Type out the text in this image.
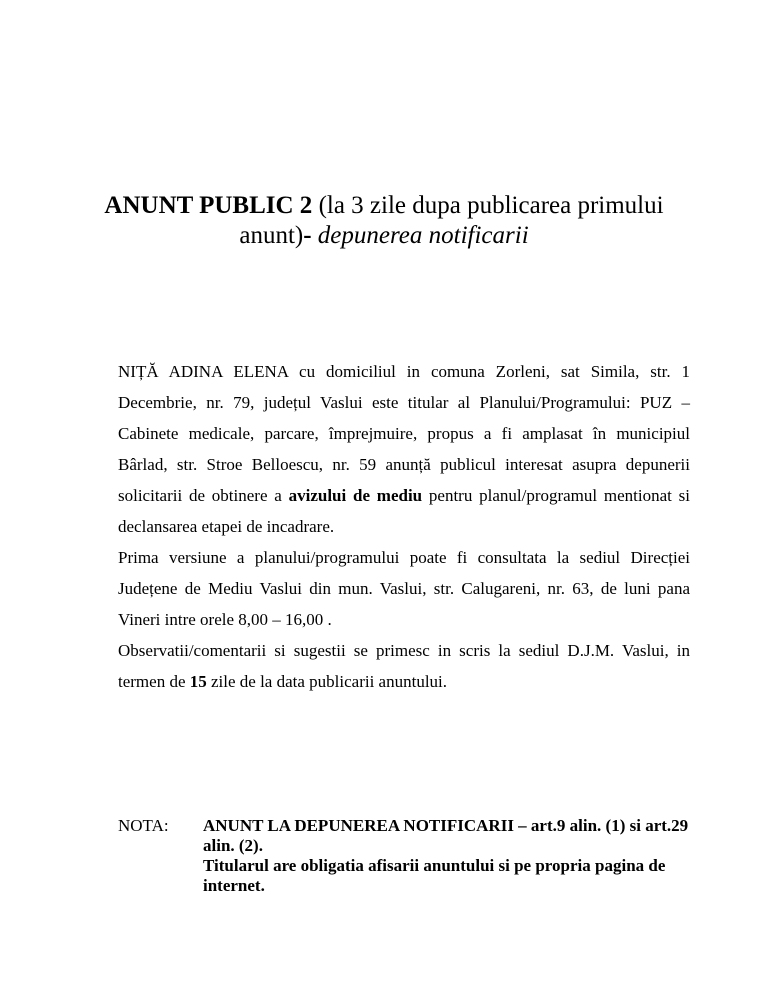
ANUNT PUBLIC 2 (la 3 zile dupa publicarea primului anunt)- depunerea notificarii

NIȚĂ ADINA ELENA cu domiciliul in comuna Zorleni, sat Simila, str. 1 Decembrie, nr. 79, județul Vaslui este titular al Planului/Programului: PUZ – Cabinete medicale, parcare, împrejmuire, propus a fi amplasat în municipiul Bârlad, str. Stroe Belloescu, nr. 59 anunță publicul interesat asupra depunerii solicitarii de obtinere a avizului de mediu pentru planul/programul mentionat si declansarea etapei de incadrare.

Prima versiune a planului/programului poate fi consultata la sediul Direcției Județene de Mediu Vaslui din mun. Vaslui, str. Calugareni, nr. 63, de luni pana Vineri intre orele 8,00 – 16,00 .

Observatii/comentarii si sugestii se primesc in scris la sediul D.J.M. Vaslui, in termen de 15 zile de la data publicarii anuntului.

NOTA: ANUNT LA DEPUNEREA NOTIFICARII – art.9 alin. (1) si art.29 alin. (2).
Titularul are obligatia afisarii anuntului si pe propria pagina de internet.
